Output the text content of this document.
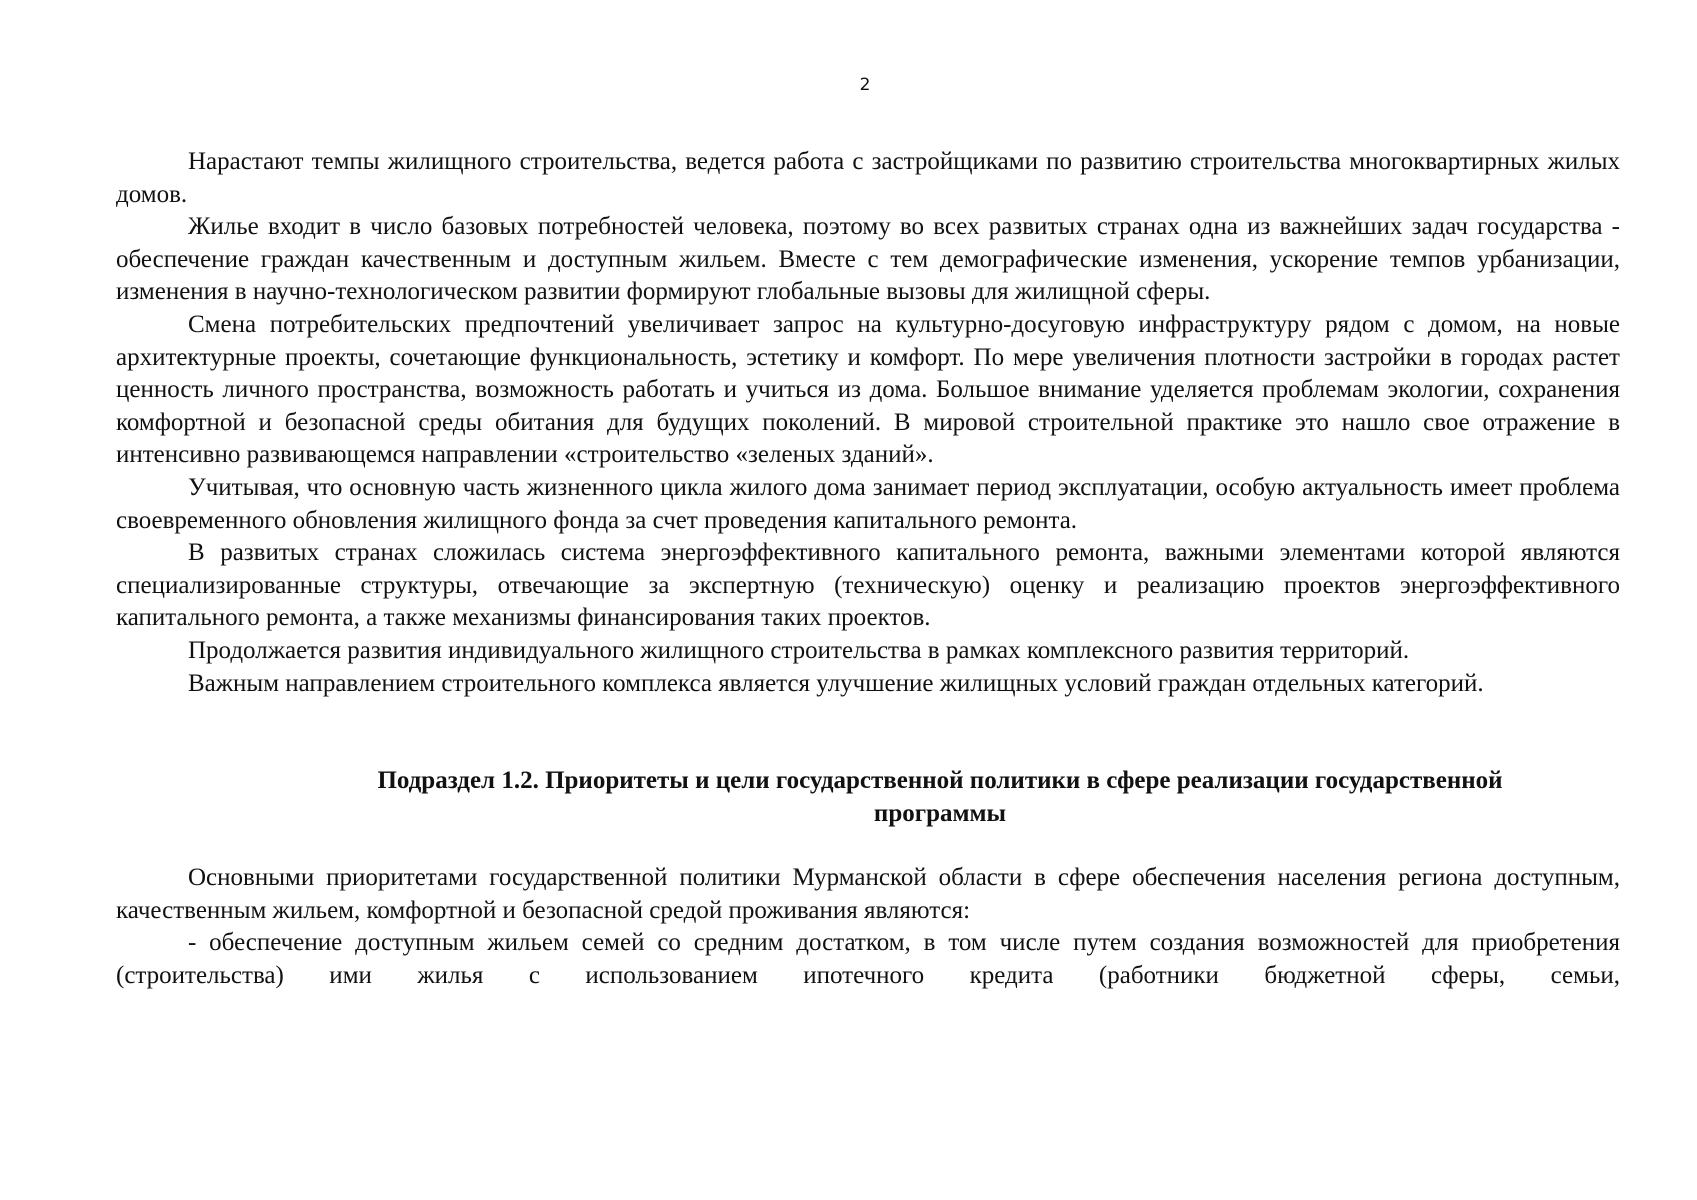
2

Нарастают темпы жилищного строительства, ведется работа с застройщиками по развитию строительства многоквартирных жилых домов.

Жилье входит в число базовых потребностей человека, поэтому во всех развитых странах одна из важнейших задач государства - обеспечение граждан качественным и доступным жильем. Вместе с тем демографические изменения, ускорение темпов урбанизации, изменения в научно-технологическом развитии формируют глобальные вызовы для жилищной сферы.

Смена потребительских предпочтений увеличивает запрос на культурно-досуговую инфраструктуру рядом с домом, на новые архитектурные проекты, сочетающие функциональность, эстетику и комфорт. По мере увеличения плотности застройки в городах растет ценность личного пространства, возможность работать и учиться из дома. Большое внимание уделяется проблемам экологии, сохранения комфортной и безопасной среды обитания для будущих поколений. В мировой строительной практике это нашло свое отражение в интенсивно развивающемся направлении «строительство «зеленых зданий».

Учитывая, что основную часть жизненного цикла жилого дома занимает период эксплуатации, особую актуальность имеет проблема своевременного обновления жилищного фонда за счет проведения капитального ремонта.

В развитых странах сложилась система энергоэффективного капитального ремонта, важными элементами которой являются специализированные структуры, отвечающие за экспертную (техническую) оценку и реализацию проектов энергоэффективного капитального ремонта, а также механизмы финансирования таких проектов.

Продолжается развития индивидуального жилищного строительства в рамках комплексного развития территорий.

Важным направлением строительного комплекса является улучшение жилищных условий граждан отдельных категорий.

Подраздел 1.2. Приоритеты и цели государственной политики в сфере реализации государственной
программы

Основными приоритетами государственной политики Мурманской области в сфере обеспечения населения региона доступным, качественным жильем, комфортной и безопасной средой проживания являются:

- обеспечение доступным жильем семей со средним достатком, в том числе путем создания возможностей для приобретения (строительства) ими жилья с использованием ипотечного кредита (работники бюджетной сферы, семьи,
